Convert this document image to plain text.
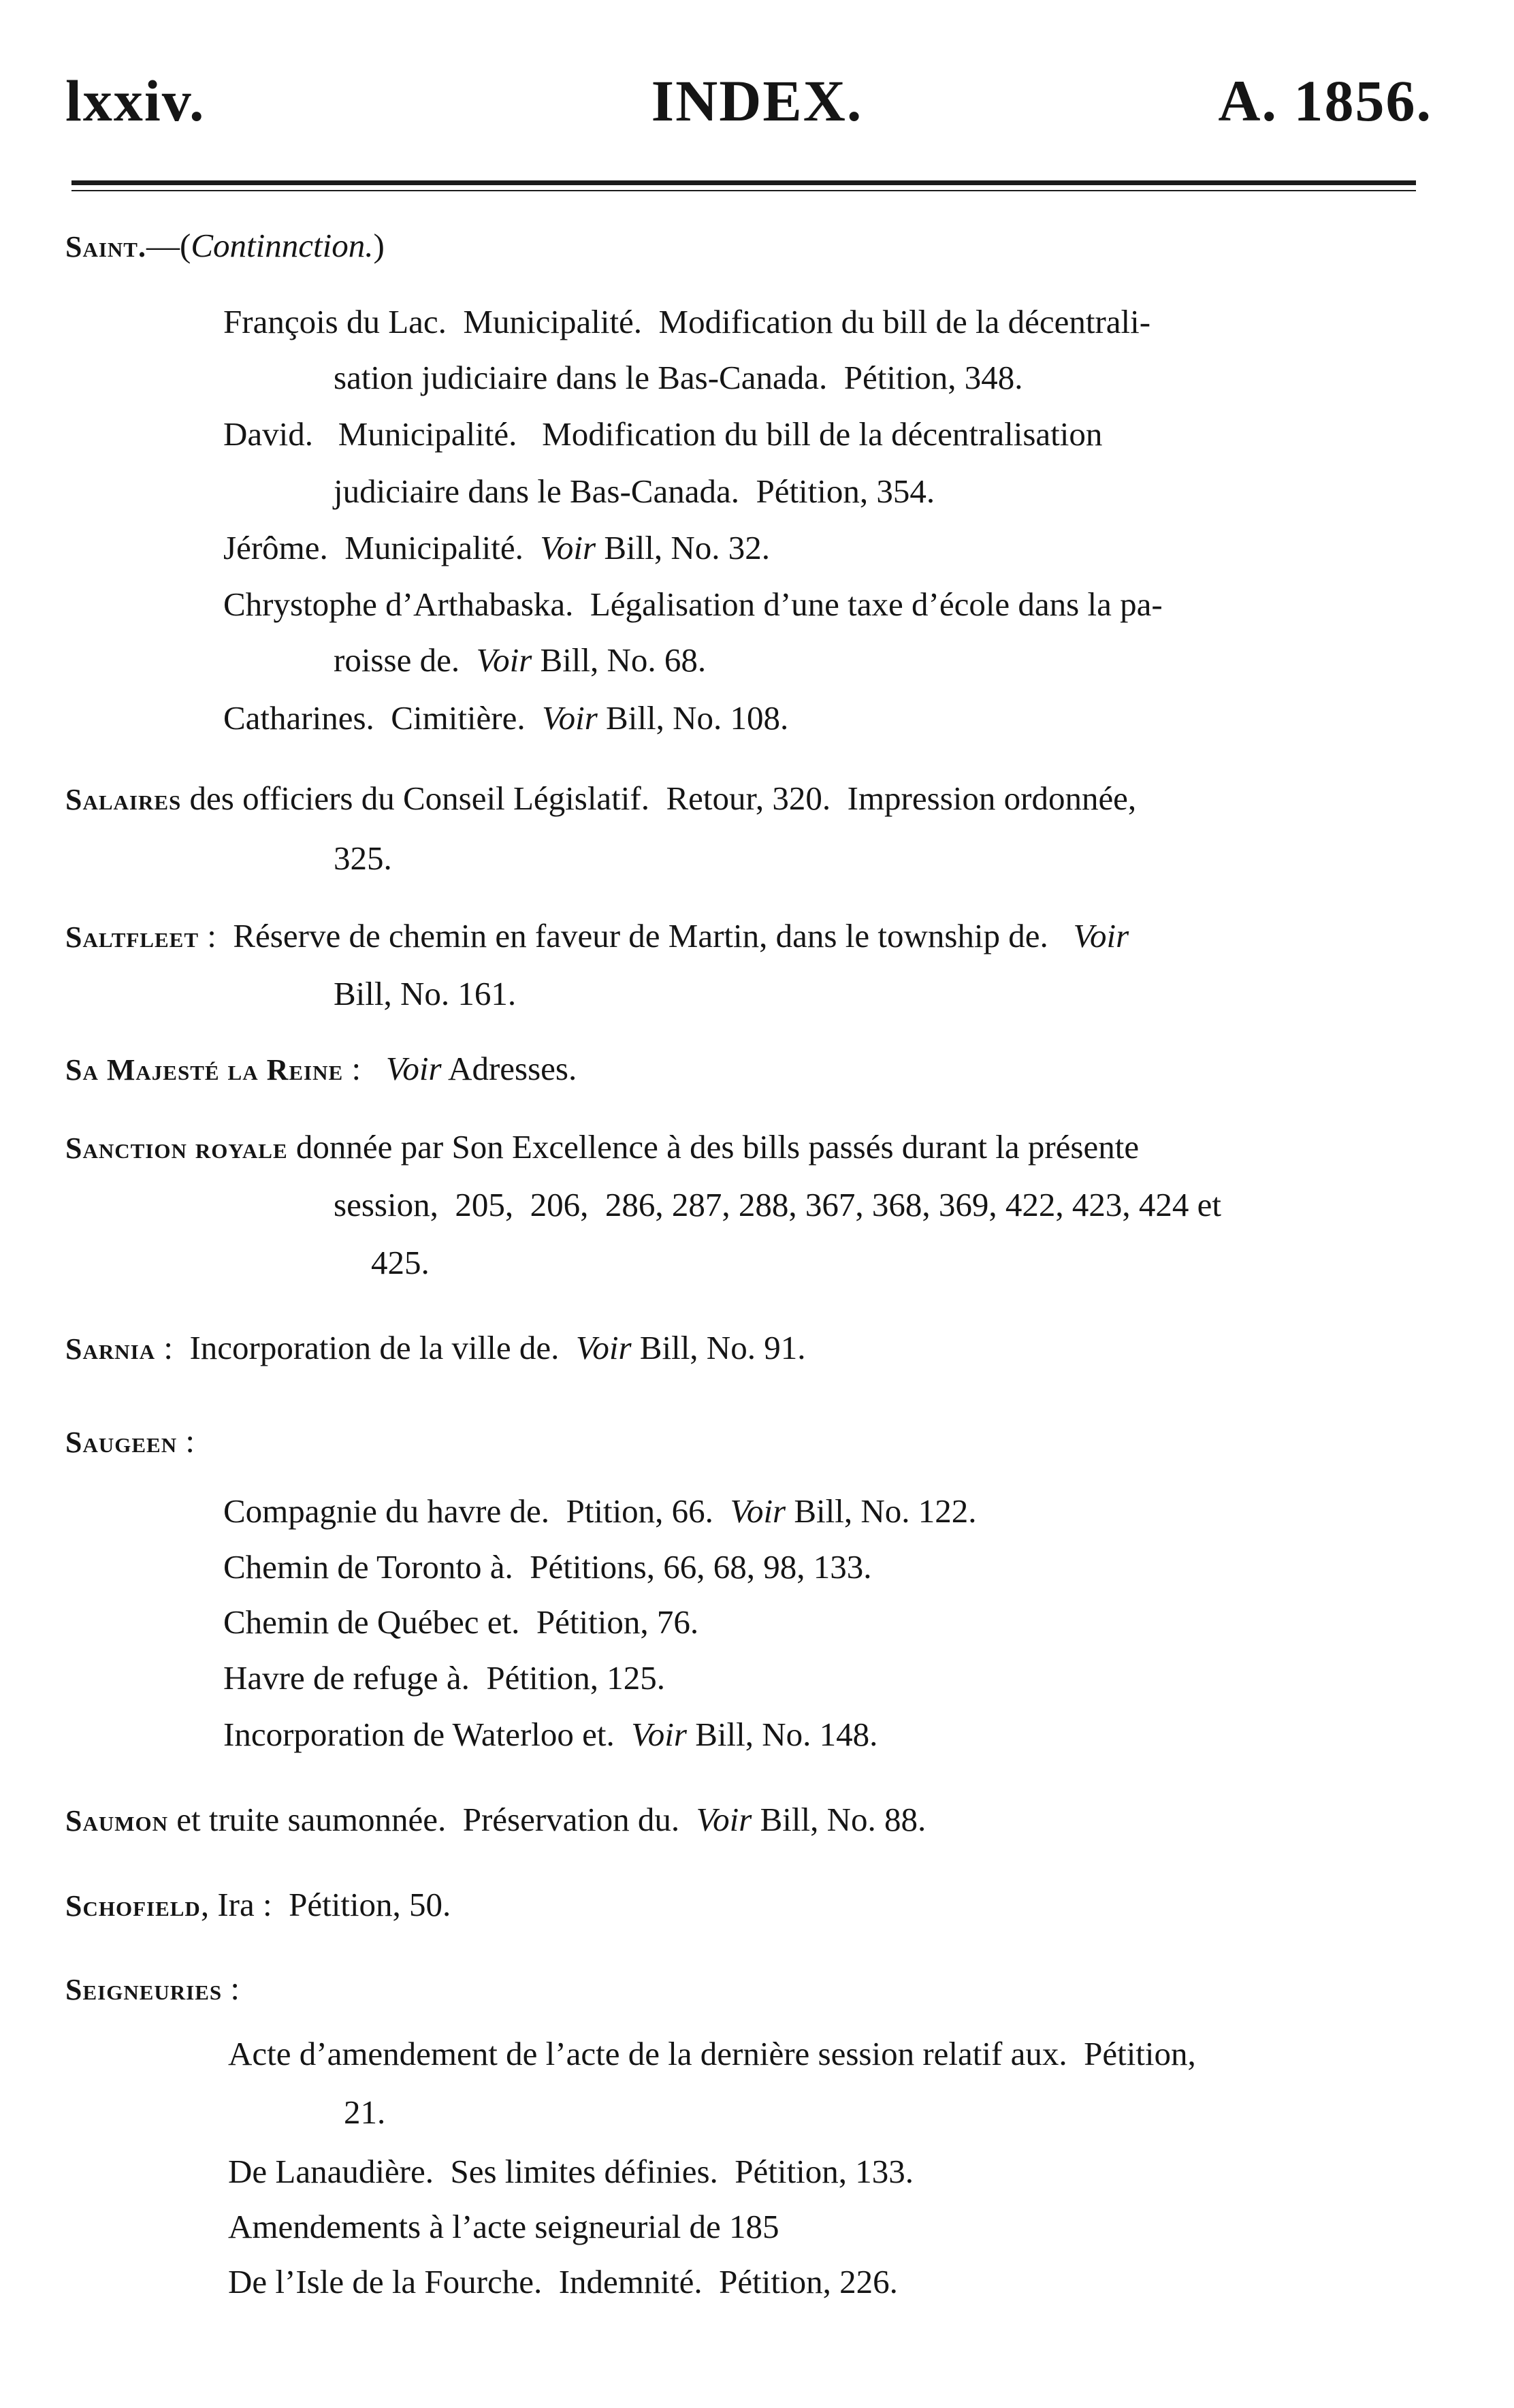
lxxiv.	INDEX.	A. 1856.
Saint.—(Continnction.)
François du Lac.  Municipalité.  Modification du bill de la décentrali-
sation judiciaire dans le Bas-Canada.  Pétition, 348.
David.   Municipalité.   Modification du bill de la décentralisation
judiciaire dans le Bas-Canada.  Pétition, 354.
Jérôme.  Municipalité.  Voir Bill, No. 32.
Chrystophe d’Arthabaska.  Légalisation d’une taxe d’école dans la pa-
roisse de.  Voir Bill, No. 68.
Catharines.  Cimitière.  Voir Bill, No. 108.
Salaires des officiers du Conseil Législatif.  Retour, 320.  Impression ordonnée,
325.
Saltfleet :  Réserve de chemin en faveur de Martin, dans le township de.   Voir
Bill, No. 161.
Sa Majesté la Reine :   Voir Adresses.
Sanction royale donnée par Son Excellence à des bills passés durant la présente
session,  205,  206,  286, 287, 288, 367, 368, 369, 422, 423, 424 et
425.
Sarnia :  Incorporation de la ville de.  Voir Bill, No. 91.
Saugeen :
Compagnie du havre de.  Ptition, 66.  Voir Bill, No. 122.
Chemin de Toronto à.  Pétitions, 66, 68, 98, 133.
Chemin de Québec et.  Pétition, 76.
Havre de refuge à.  Pétition, 125.
Incorporation de Waterloo et.  Voir Bill, No. 148.
Saumon et truite saumonnée.  Préservation du.  Voir Bill, No. 88.
Schofield, Ira :  Pétition, 50.
Seigneuries :
Acte d’amendement de l’acte de la dernière session relatif aux.  Pétition,
21.
De Lanaudière.  Ses limites définies.  Pétition, 133.
Amendements à l’acte seigneurial de 185
De l’Isle de la Fourche.  Indemnité.  Pétition, 226.
